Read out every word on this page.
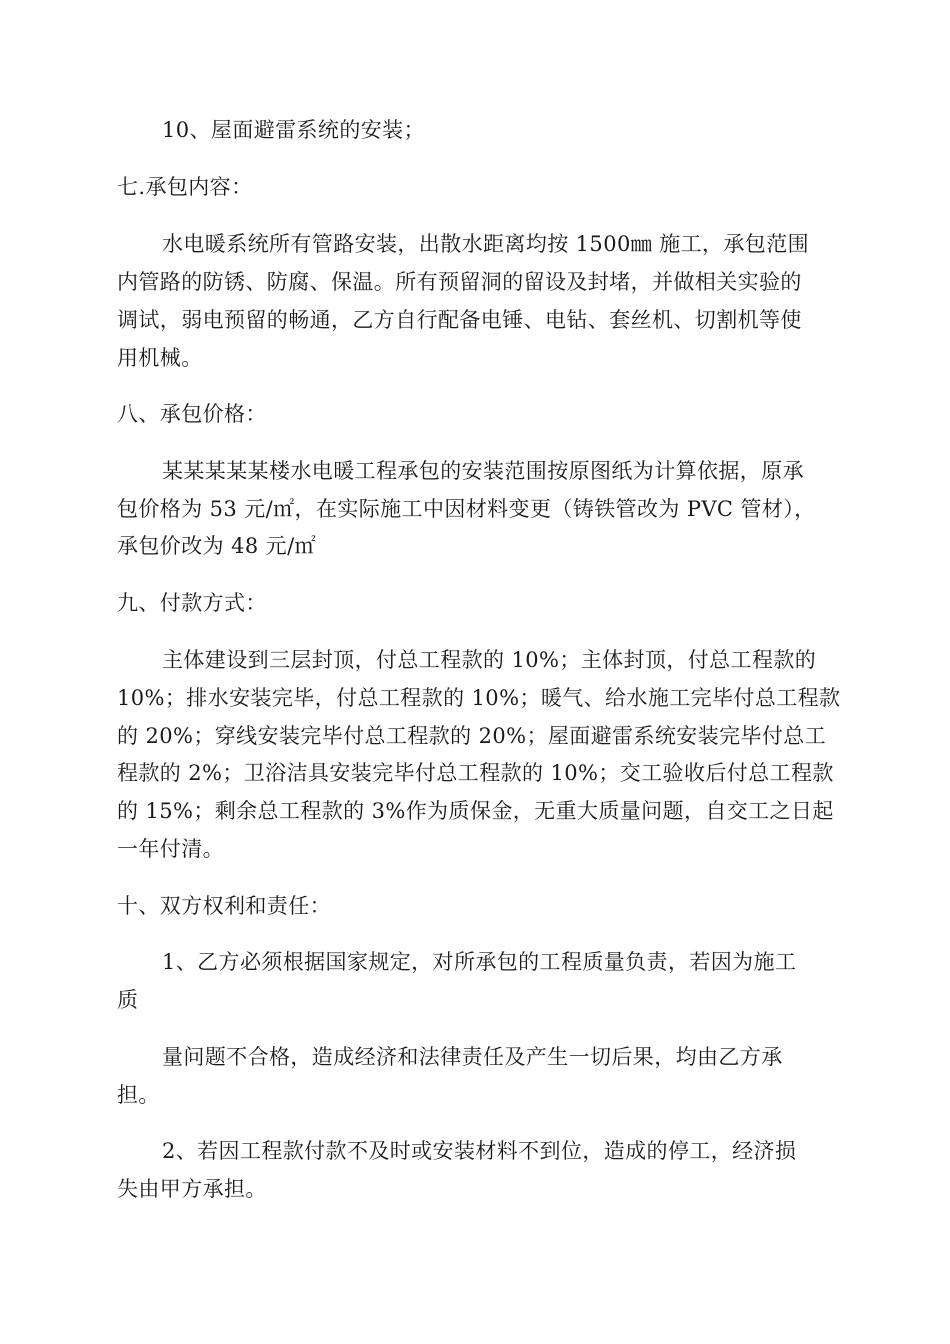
10、屋面避雷系统的安装；
七.承包内容：
水电暖系统所有管路安装，出散水距离均按 1500㎜ 施工，承包范围
内管路的防锈、防腐、保温。所有预留洞的留设及封堵，并做相关实验的
调试，弱电预留的畅通，乙方自行配备电锤、电钻、套丝机、切割机等使
用机械。
八、承包价格：
某某某某某楼水电暖工程承包的安装范围按原图纸为计算依据，原承
包价格为 53 元/㎡，在实际施工中因材料变更（铸铁管改为 PVC 管材），
承包价改为 48 元/㎡
九、付款方式：
主体建设到三层封顶，付总工程款的 10%；主体封顶，付总工程款的
10%；排水安装完毕，付总工程款的 10%；暖气、给水施工完毕付总工程款
的 20%；穿线安装完毕付总工程款的 20%；屋面避雷系统安装完毕付总工
程款的 2%；卫浴洁具安装完毕付总工程款的 10%；交工验收后付总工程款
的 15%；剩余总工程款的 3%作为质保金，无重大质量问题，自交工之日起
一年付清。
十、双方权利和责任：
1、乙方必须根据国家规定，对所承包的工程质量负责，若因为施工
质
量问题不合格，造成经济和法律责任及产生一切后果，均由乙方承
担。
2、若因工程款付款不及时或安装材料不到位，造成的停工，经济损
失由甲方承担。
